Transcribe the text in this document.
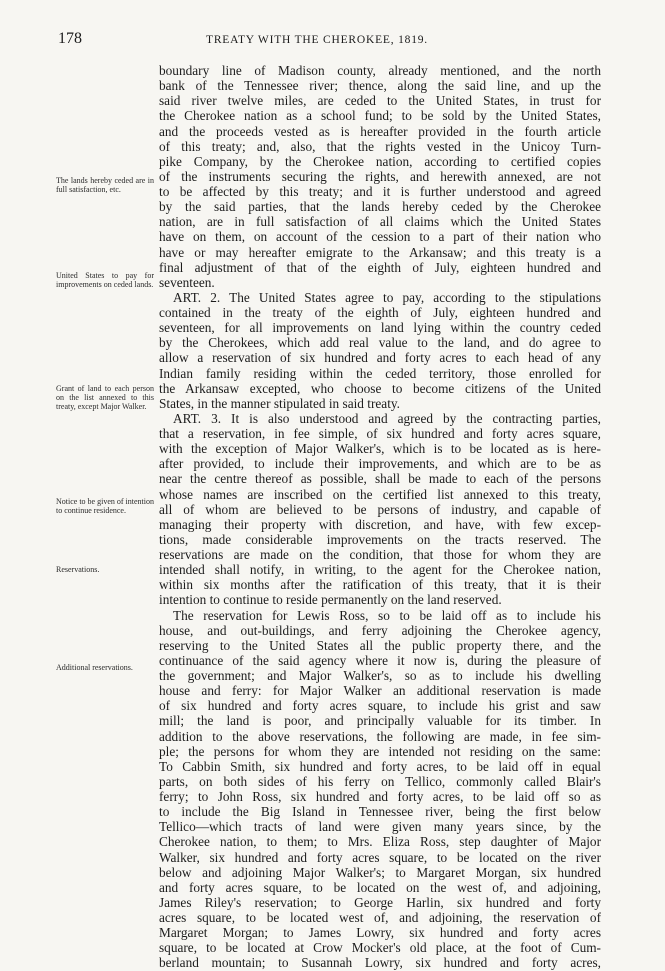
178	TREATY WITH THE CHEROKEE, 1819.
The lands hereby ceded are in full satisfaction, etc.
United States to pay for improvements on ceded lands.
Grant of land to each person on the list annexed to this treaty, except Major Walker.
Notice to be given of intention to continue residence.
Reservations.
Additional reservations.
boundary line of Madison county, already mentioned, and the north
bank of the Tennessee river; thence, along the said line, and up the
said river twelve miles, are ceded to the United States, in trust for
the Cherokee nation as a school fund; to be sold by the United States,
and the proceeds vested as is hereafter provided in the fourth article
of this treaty; and, also, that the rights vested in the Unicoy Turn-
pike Company, by the Cherokee nation, according to certified copies
of the instruments securing the rights, and herewith annexed, are not
to be affected by this treaty; and it is further understood and agreed
by the said parties, that the lands hereby ceded by the Cherokee
nation, are in full satisfaction of all claims which the United States
have on them, on account of the cession to a part of their nation who
have or may hereafter emigrate to the Arkansaw; and this treaty is a
final adjustment of that of the eighth of July, eighteen hundred and
seventeen.
ART. 2. The United States agree to pay, according to the stipulations
contained in the treaty of the eighth of July, eighteen hundred and
seventeen, for all improvements on land lying within the country ceded
by the Cherokees, which add real value to the land, and do agree to
allow a reservation of six hundred and forty acres to each head of any
Indian family residing within the ceded territory, those enrolled for
the Arkansaw excepted, who choose to become citizens of the United
States, in the manner stipulated in said treaty.
ART. 3. It is also understood and agreed by the contracting parties,
that a reservation, in fee simple, of six hundred and forty acres square,
with the exception of Major Walker's, which is to be located as is here-
after provided, to include their improvements, and which are to be as
near the centre thereof as possible, shall be made to each of the persons
whose names are inscribed on the certified list annexed to this treaty,
all of whom are believed to be persons of industry, and capable of
managing their property with discretion, and have, with few excep-
tions, made considerable improvements on the tracts reserved. The
reservations are made on the condition, that those for whom they are
intended shall notify, in writing, to the agent for the Cherokee nation,
within six months after the ratification of this treaty, that it is their
intention to continue to reside permanently on the land reserved.
The reservation for Lewis Ross, so to be laid off as to include his
house, and out-buildings, and ferry adjoining the Cherokee agency,
reserving to the United States all the public property there, and the
continuance of the said agency where it now is, during the pleasure of
the government; and Major Walker's, so as to include his dwelling
house and ferry: for Major Walker an additional reservation is made
of six hundred and forty acres square, to include his grist and saw
mill; the land is poor, and principally valuable for its timber. In
addition to the above reservations, the following are made, in fee sim-
ple; the persons for whom they are intended not residing on the same:
To Cabbin Smith, six hundred and forty acres, to be laid off in equal
parts, on both sides of his ferry on Tellico, commonly called Blair's
ferry; to John Ross, six hundred and forty acres, to be laid off so as
to include the Big Island in Tennessee river, being the first below
Tellico—which tracts of land were given many years since, by the
Cherokee nation, to them; to Mrs. Eliza Ross, step daughter of Major
Walker, six hundred and forty acres square, to be located on the river
below and adjoining Major Walker's; to Margaret Morgan, six hundred
and forty acres square, to be located on the west of, and adjoining,
James Riley's reservation; to George Harlin, six hundred and forty
acres square, to be located west of, and adjoining, the reservation of
Margaret Morgan; to James Lowry, six hundred and forty acres
square, to be located at Crow Mocker's old place, at the foot of Cum-
berland mountain; to Susannah Lowry, six hundred and forty acres,
